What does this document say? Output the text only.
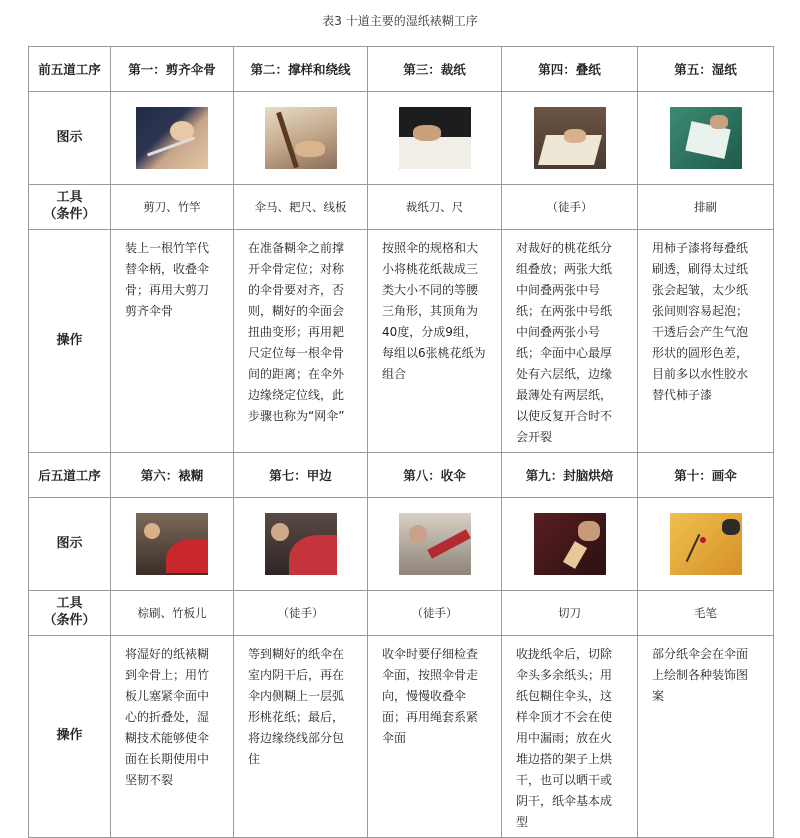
表3 十道主要的湿纸裱糊工序
前五道工序	第一：剪齐伞骨	第二：撑样和绕线	第三：裁纸	第四：叠纸	第五：湿纸
图示	

工具
（条件）	剪刀、竹竿	伞马、耙尺、线板	裁纸刀、尺	（徒手）	排刷
操作	装上一根竹竿代替伞柄，收叠伞骨；再用大剪刀剪齐伞骨	在准备糊伞之前撑开伞骨定位；对称的伞骨要对齐，否则，糊好的伞面会扭曲变形；再用耙尺定位每一根伞骨间的距离；在伞外边缘绕定位线，此步骤也称为“网伞”	按照伞的规格和大小将桃花纸裁成三类大小不同的等腰三角形，其顶角为40度，分成9组，每组以6张桃花纸为组合	对裁好的桃花纸分组叠放；两张大纸中间叠两张中号纸；在两张中号纸中间叠两张小号纸；伞面中心最厚处有六层纸，边缘最薄处有两层纸，以使反复开合时不会开裂	用柿子漆将每叠纸刷透，刷得太过纸张会起皱，太少纸张间则容易起泡；干透后会产生气泡形状的圆形色差，目前多以水性胶水替代柿子漆
后五道工序	第六：裱糊	第七：甲边	第八：收伞	第九：封脑烘焙	第十：画伞
图示	

工具
（条件）	棕刷、竹板儿	（徒手）	（徒手）	切刀	毛笔
操作	将湿好的纸裱糊到伞骨上；用竹板儿塞紧伞面中心的折叠处，湿糊技术能够使伞面在长期使用中坚韧不裂	等到糊好的纸伞在室内阴干后，再在伞内侧糊上一层弧形桃花纸；最后，将边缘绕线部分包住	收伞时要仔细检查伞面，按照伞骨走向，慢慢收叠伞面；再用绳套系紧伞面	收拢纸伞后，切除伞头多余纸头；用纸包糊住伞头，这样伞顶才不会在使用中漏雨；放在火堆边搭的架子上烘干，也可以晒干或阴干，纸伞基本成型	部分纸伞会在伞面上绘制各种装饰图案
